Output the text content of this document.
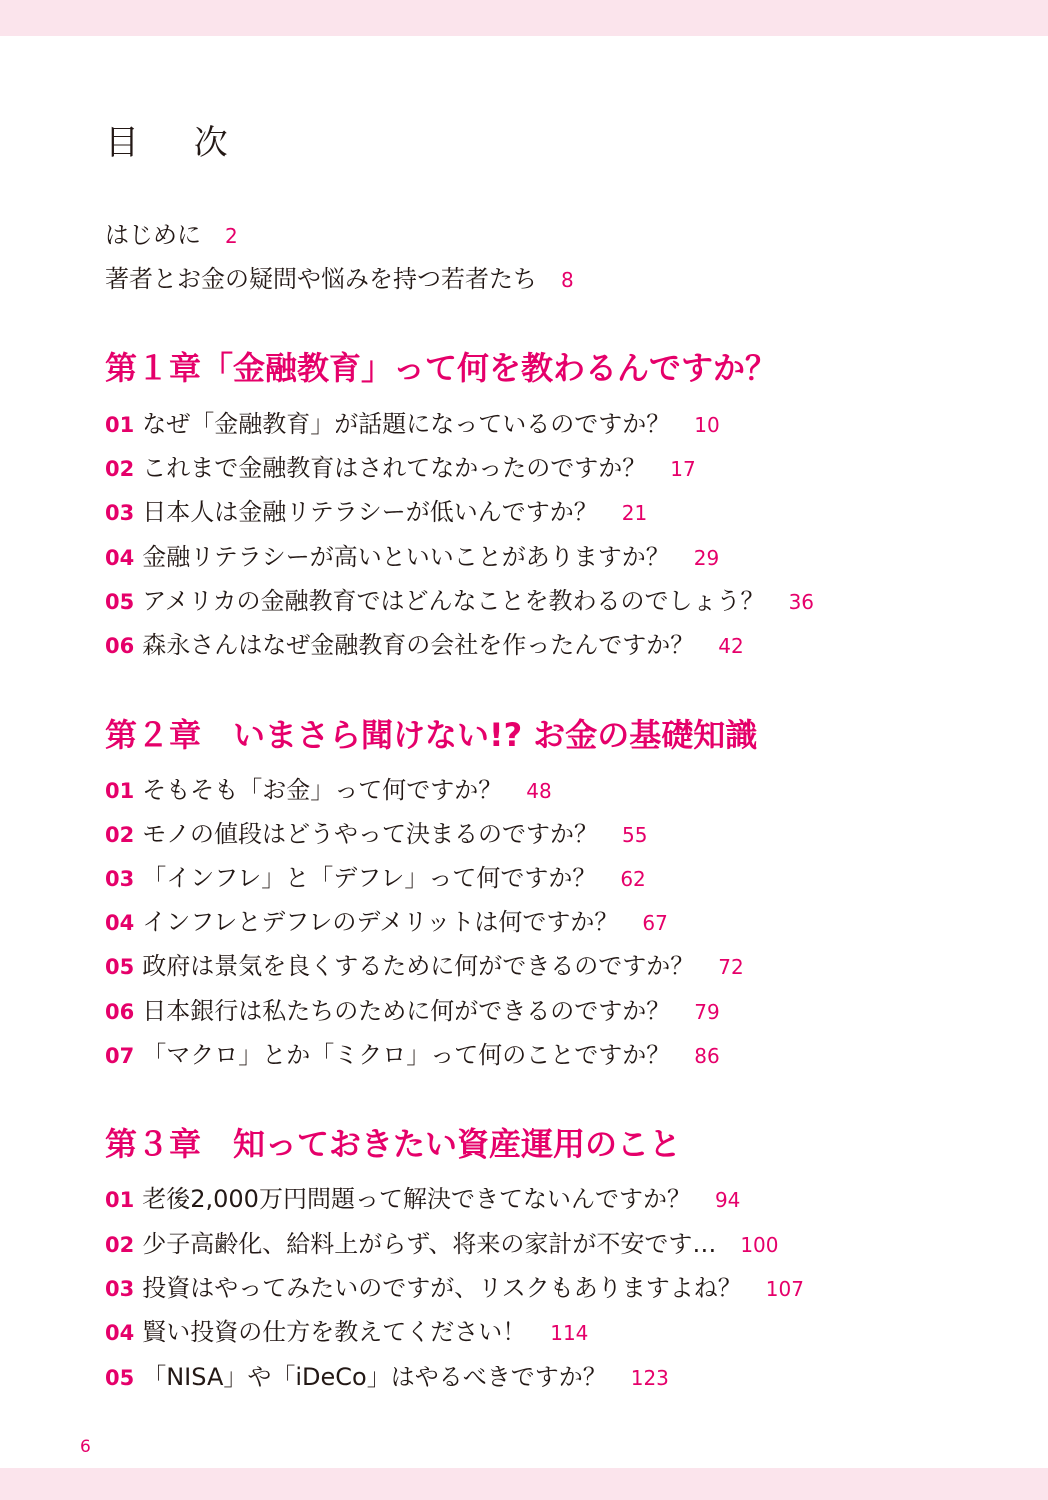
目 次
はじめに 2
著者とお金の疑問や悩みを持つ若者たち 8
第１章「金融教育」って何を教わるんですか？
01 なぜ「金融教育」が話題になっているのですか？ 10
02 これまで金融教育はされてなかったのですか？ 17
03 日本人は金融リテラシーが低いんですか？ 21
04 金融リテラシーが高いといいことがありますか？ 29
05 アメリカの金融教育ではどんなことを教わるのでしょう？ 36
06 森永さんはなぜ金融教育の会社を作ったんですか？ 42
第２章　いまさら聞けない!? お金の基礎知識
01 そもそも「お金」って何ですか？ 48
02 モノの値段はどうやって決まるのですか？ 55
03 「インフレ」と「デフレ」って何ですか？ 62
04 インフレとデフレのデメリットは何ですか？ 67
05 政府は景気を良くするために何ができるのですか？ 72
06 日本銀行は私たちのために何ができるのですか？ 79
07 「マクロ」とか「ミクロ」って何のことですか？ 86
第３章　知っておきたい資産運用のこと
01 老後2,000万円問題って解決できてないんですか？ 94
02 少子高齢化、給料上がらず、将来の家計が不安です… 100
03 投資はやってみたいのですが、リスクもありますよね？ 107
04 賢い投資の仕方を教えてください！ 114
05 「NISA」や「iDeCo」はやるべきですか？ 123
6
